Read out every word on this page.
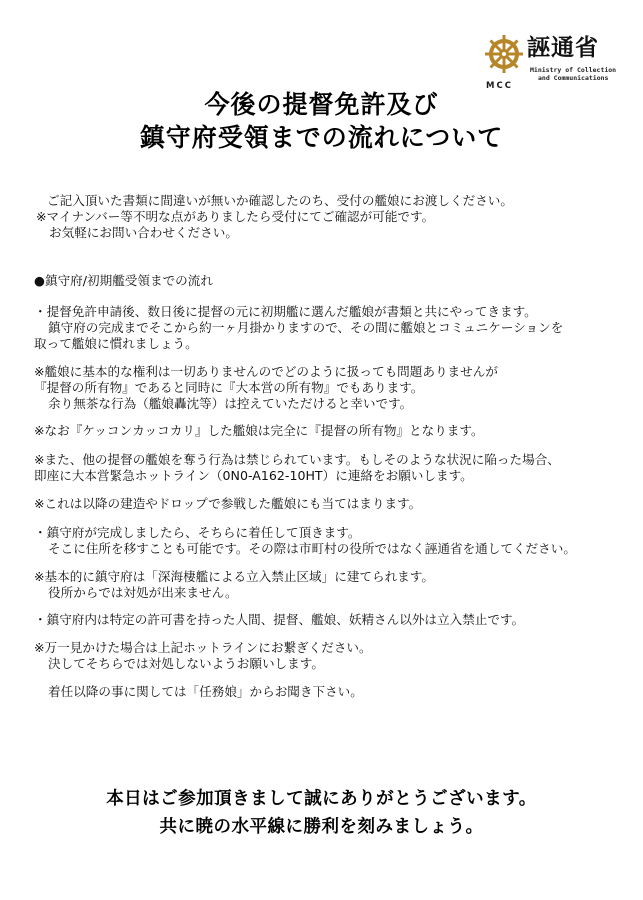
MCC
誣通省
Ministry of Collection
and Communications
今後の提督免許及び
鎮守府受領までの流れについて
ご記入頂いた書類に間違いが無いか確認したのち、受付の艦娘にお渡しください。
※マイナンバー等不明な点がありましたら受付にてご確認が可能です。
お気軽にお問い合わせください。
●鎮守府/初期艦受領までの流れ
・提督免許申請後、数日後に提督の元に初期艦に選んだ艦娘が書類と共にやってきます。
鎮守府の完成までそこから約一ヶ月掛かりますので、その間に艦娘とコミュニケーションを
取って艦娘に慣れましょう。
※艦娘に基本的な権利は一切ありませんのでどのように扱っても問題ありませんが
『提督の所有物』であると同時に『大本営の所有物』でもあります。
余り無茶な行為（艦娘轟沈等）は控えていただけると幸いです。
※なお『ケッコンカッコカリ』した艦娘は完全に『提督の所有物』となります。
※また、他の提督の艦娘を奪う行為は禁じられています。もしそのような状況に陥った場合、
即座に大本営緊急ホットライン（0N0-A162-10HT）に連絡をお願いします。
※これは以降の建造やドロップで参戦した艦娘にも当てはまります。
・鎮守府が完成しましたら、そちらに着任して頂きます。
そこに住所を移すことも可能です。その際は市町村の役所ではなく誣通省を通してください。
※基本的に鎮守府は「深海棲艦による立入禁止区域」に建てられます。
役所からでは対処が出来ません。
・鎮守府内は特定の許可書を持った人間、提督、艦娘、妖精さん以外は立入禁止です。
※万一見かけた場合は上記ホットラインにお繋ぎください。
決してそちらでは対処しないようお願いします。
着任以降の事に関しては「任務娘」からお聞き下さい。
本日はご参加頂きまして誠にありがとうございます。
共に暁の水平線に勝利を刻みましょう。
